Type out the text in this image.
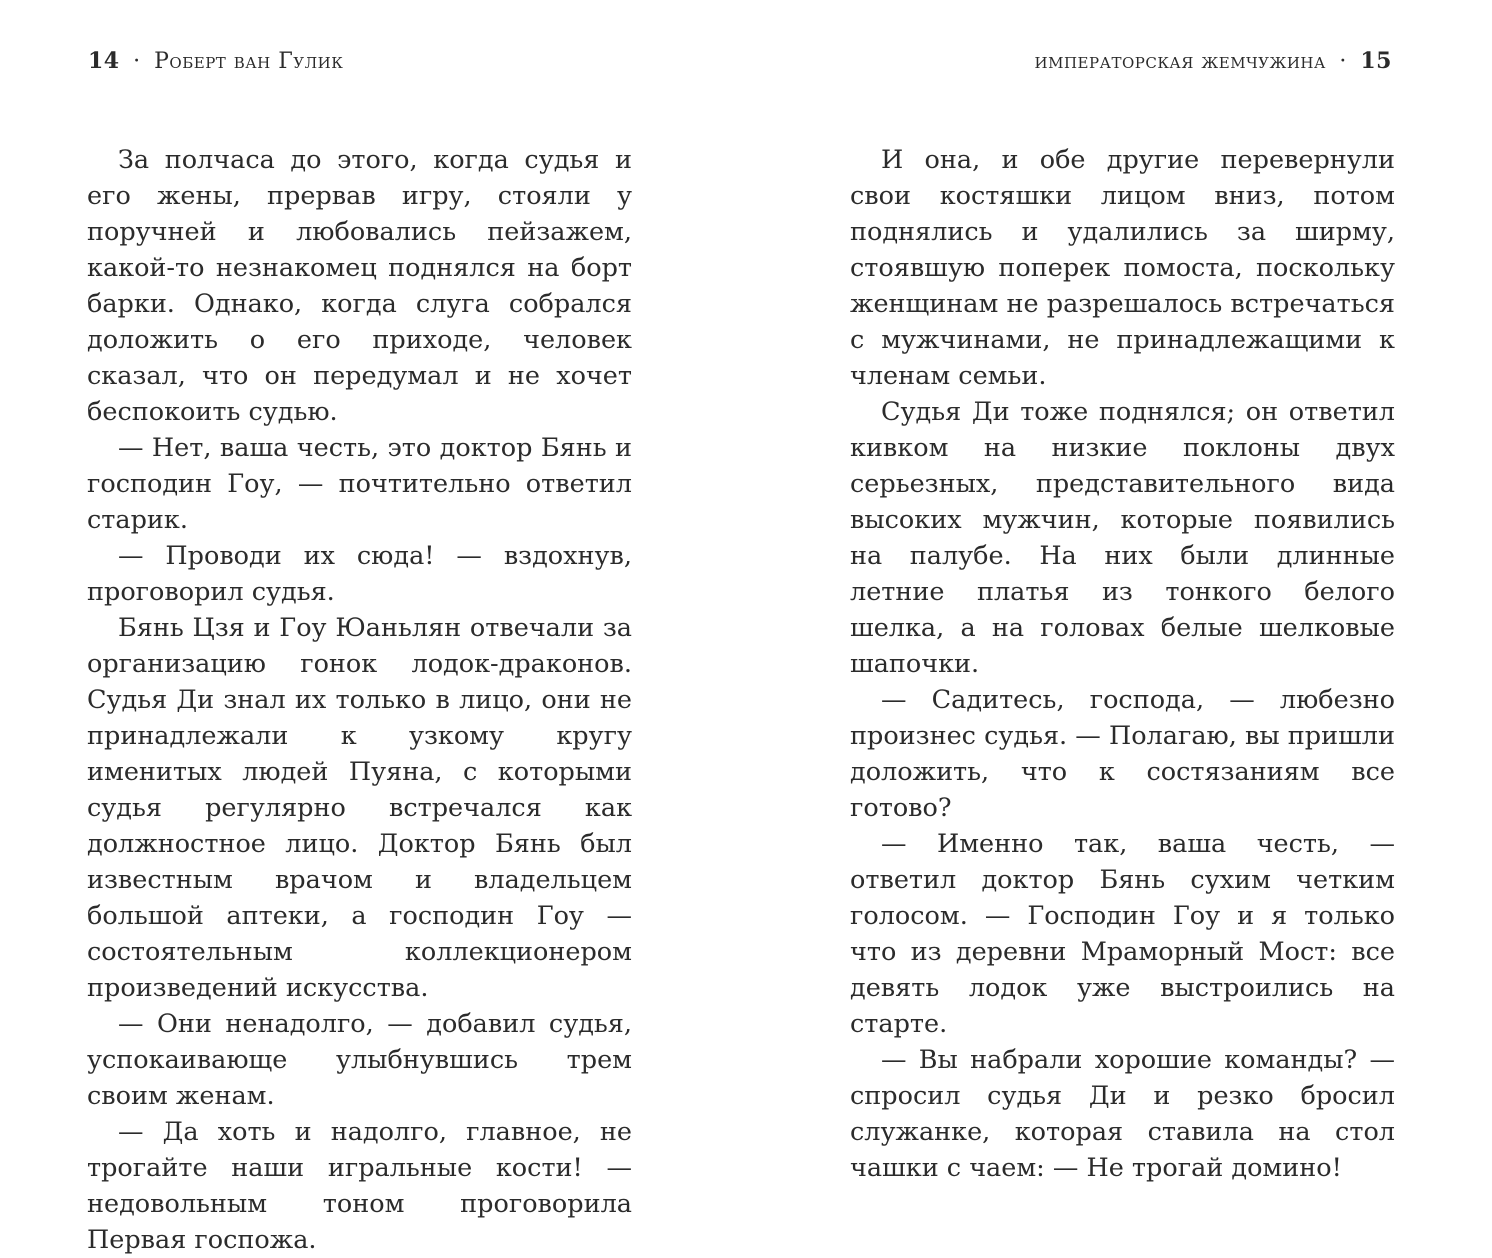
14 · Роберт ван Гулик

За полчаса до этого, когда судья и его жены, прервав игру, стояли у поручней и любовались пейзажем, какой-то незнакомец поднялся на борт барки. Однако, когда слуга собрался доложить о его приходе, человек сказал, что он передумал и не хочет беспокоить судью.

— Нет, ваша честь, это доктор Бянь и господин Гоу, — почтительно ответил старик.

— Проводи их сюда! — вздохнув, проговорил судья.

Бянь Цзя и Гоу Юаньлян отвечали за организацию гонок лодок-драконов. Судья Ди знал их только в лицо, они не принадлежали к узкому кругу именитых людей Пуяна, с которыми судья регулярно встречался как должностное лицо. Доктор Бянь был известным врачом и владельцем большой аптеки, а господин Гоу — состоятельным коллекционером произведений искусства.

— Они ненадолго, — добавил судья, успокаивающе улыбнувшись трем своим женам.

— Да хоть и надолго, главное, не трогайте наши игральные кости! — недовольным тоном проговорила Первая госпожа.

императорская жемчужина · 15

И она, и обе другие перевернули свои костяшки лицом вниз, потом поднялись и удалились за ширму, стоявшую поперек помоста, поскольку женщинам не разрешалось встречаться с мужчинами, не принадлежащими к членам семьи.

Судья Ди тоже поднялся; он ответил кивком на низкие поклоны двух серьезных, представительного вида высоких мужчин, которые появились на палубе. На них были длинные летние платья из тонкого белого шелка, а на головах белые шелковые шапочки.

— Садитесь, господа, — любезно произнес судья. — Полагаю, вы пришли доложить, что к состязаниям все готово?

— Именно так, ваша честь, — ответил доктор Бянь сухим четким голосом. — Господин Гоу и я только что из деревни Мраморный Мост: все девять лодок уже выстроились на старте.

— Вы набрали хорошие команды? — спросил судья Ди и резко бросил служанке, которая ставила на стол чашки с чаем: — Не трогай домино!
